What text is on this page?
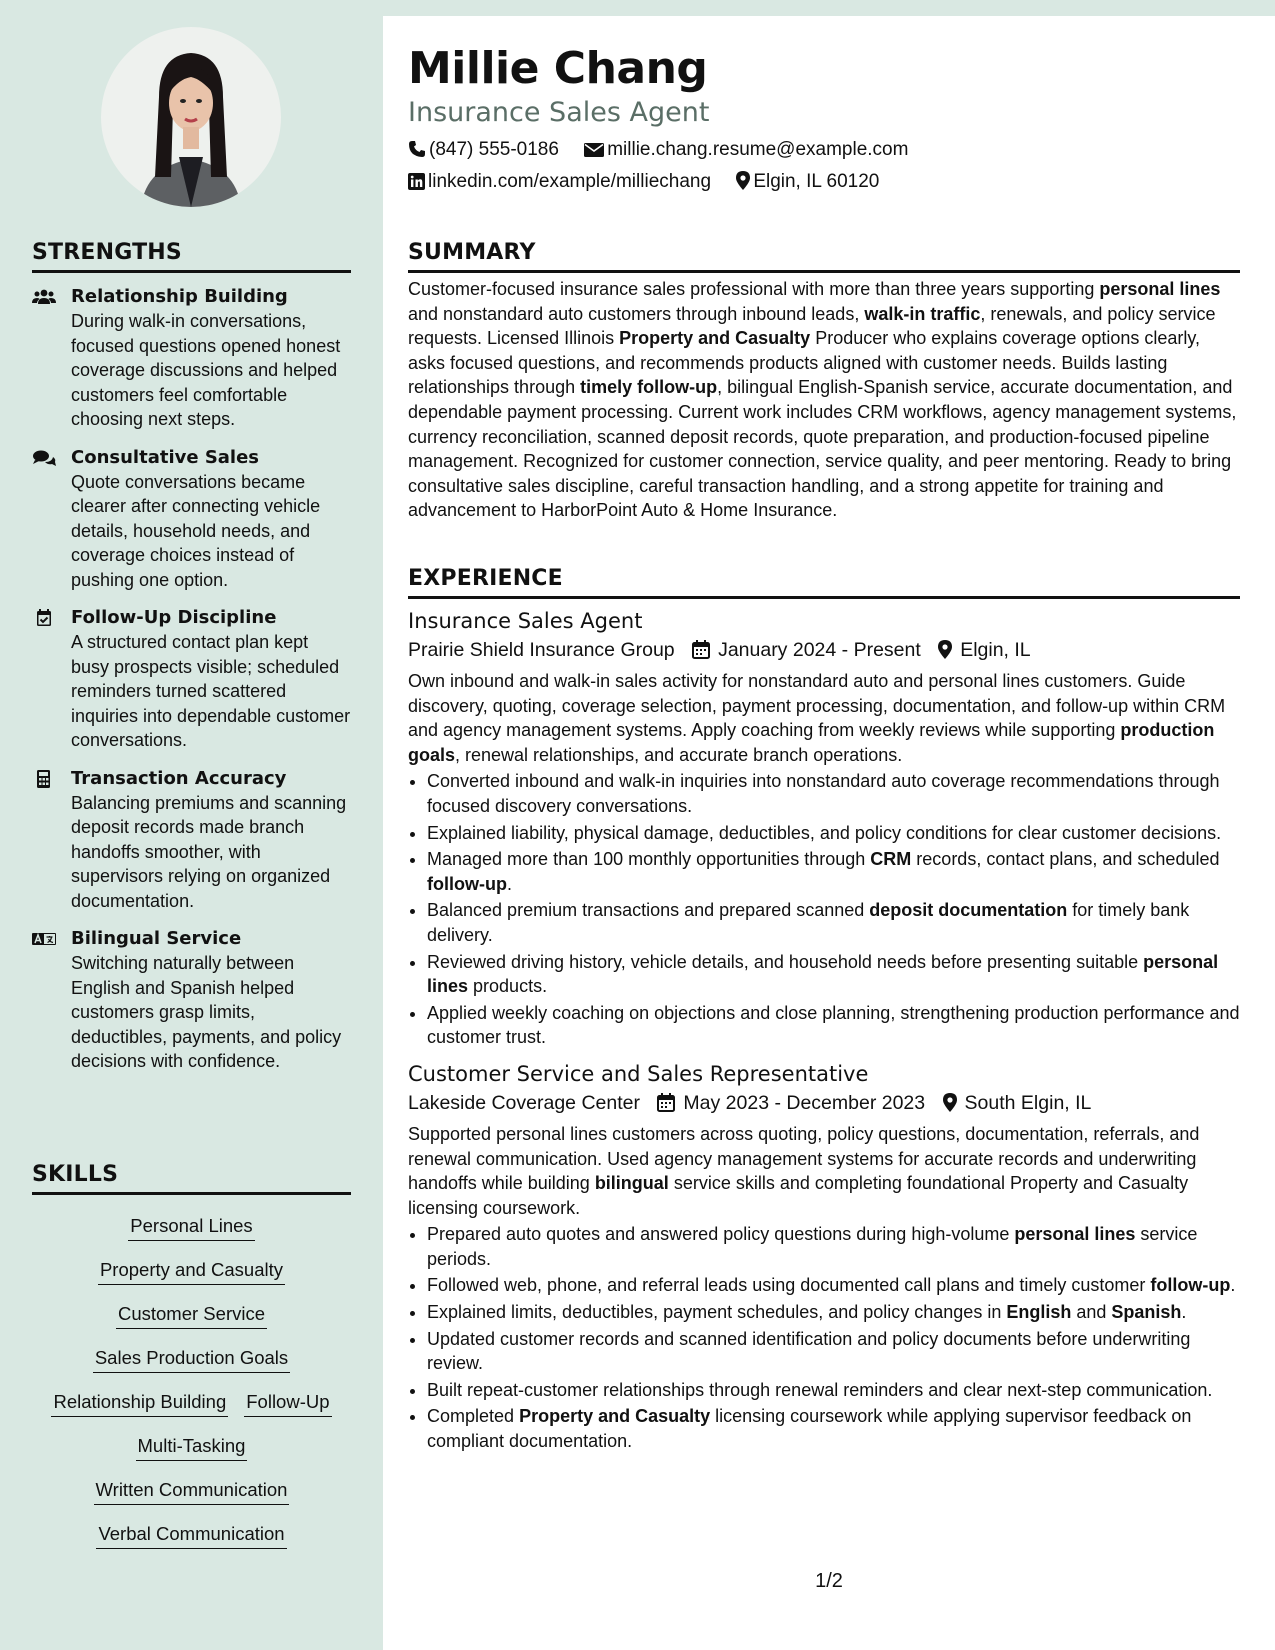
STRENGTHS
Relationship Building
During walk-in conversations, focused questions opened honest coverage discussions and helped customers feel comfortable choosing next steps.
Consultative Sales
Quote conversations became clearer after connecting vehicle details, household needs, and coverage choices instead of pushing one option.
Follow-Up Discipline
A structured contact plan kept busy prospects visible; scheduled reminders turned scattered inquiries into dependable customer conversations.
Transaction Accuracy
Balancing premiums and scanning deposit records made branch handoffs smoother, with supervisors relying on organized documentation.
Bilingual Service
Switching naturally between English and Spanish helped customers grasp limits, deductibles, payments, and policy decisions with confidence.
SKILLS
Personal Lines
Property and Casualty
Customer Service
Sales Production Goals
Relationship Building Follow-Up
Multi-Tasking
Written Communication
Verbal Communication
Millie Chang
Insurance Sales Agent
(847) 555-0186	millie.chang.resume@example.com
linkedin.com/example/milliechang Elgin, IL 60120
SUMMARY

Customer-focused insurance sales professional with more than three years supporting personal lines and nonstandard auto customers through inbound leads, walk-in traffic, renewals, and policy service requests. Licensed Illinois Property and Casualty Producer who explains coverage options clearly, asks focused questions, and recommends products aligned with customer needs. Builds lasting relationships through timely follow-up, bilingual English-Spanish service, accurate documentation, and dependable payment processing. Current work includes CRM workflows, agency management systems, currency reconciliation, scanned deposit records, quote preparation, and production-focused pipeline management. Recognized for customer connection, service quality, and peer mentoring. Ready to bring consultative sales discipline, careful transaction handling, and a strong appetite for training and advancement to HarborPoint Auto & Home Insurance.

EXPERIENCE
Insurance Sales Agent
Prairie Shield Insurance Group January 2024 - Present Elgin, IL

Own inbound and walk-in sales activity for nonstandard auto and personal lines customers. Guide discovery, quoting, coverage selection, payment processing, documentation, and follow-up within CRM and agency management systems. Apply coaching from weekly reviews while supporting production goals, renewal relationships, and accurate branch operations.

• Converted inbound and walk-in inquiries into nonstandard auto coverage recommendations through focused discovery conversations.
• Explained liability, physical damage, deductibles, and policy conditions for clear customer decisions.
• Managed more than 100 monthly opportunities through CRM records, contact plans, and scheduled follow-up.
• Balanced premium transactions and prepared scanned deposit documentation for timely bank delivery.
• Reviewed driving history, vehicle details, and household needs before presenting suitable personal lines products.
• Applied weekly coaching on objections and close planning, strengthening production performance and customer trust.
Customer Service and Sales Representative
Lakeside Coverage Center May 2023 - December 2023 South Elgin, IL

Supported personal lines customers across quoting, policy questions, documentation, referrals, and renewal communication. Used agency management systems for accurate records and underwriting handoffs while building bilingual service skills and completing foundational Property and Casualty licensing coursework.

• Prepared auto quotes and answered policy questions during high-volume personal lines service periods.
• Followed web, phone, and referral leads using documented call plans and timely customer follow-up.
• Explained limits, deductibles, payment schedules, and policy changes in English and Spanish.
• Updated customer records and scanned identification and policy documents before underwriting review.
• Built repeat-customer relationships through renewal reminders and clear next-step communication.
• Completed Property and Casualty licensing coursework while applying supervisor feedback on compliant documentation.
1/2
